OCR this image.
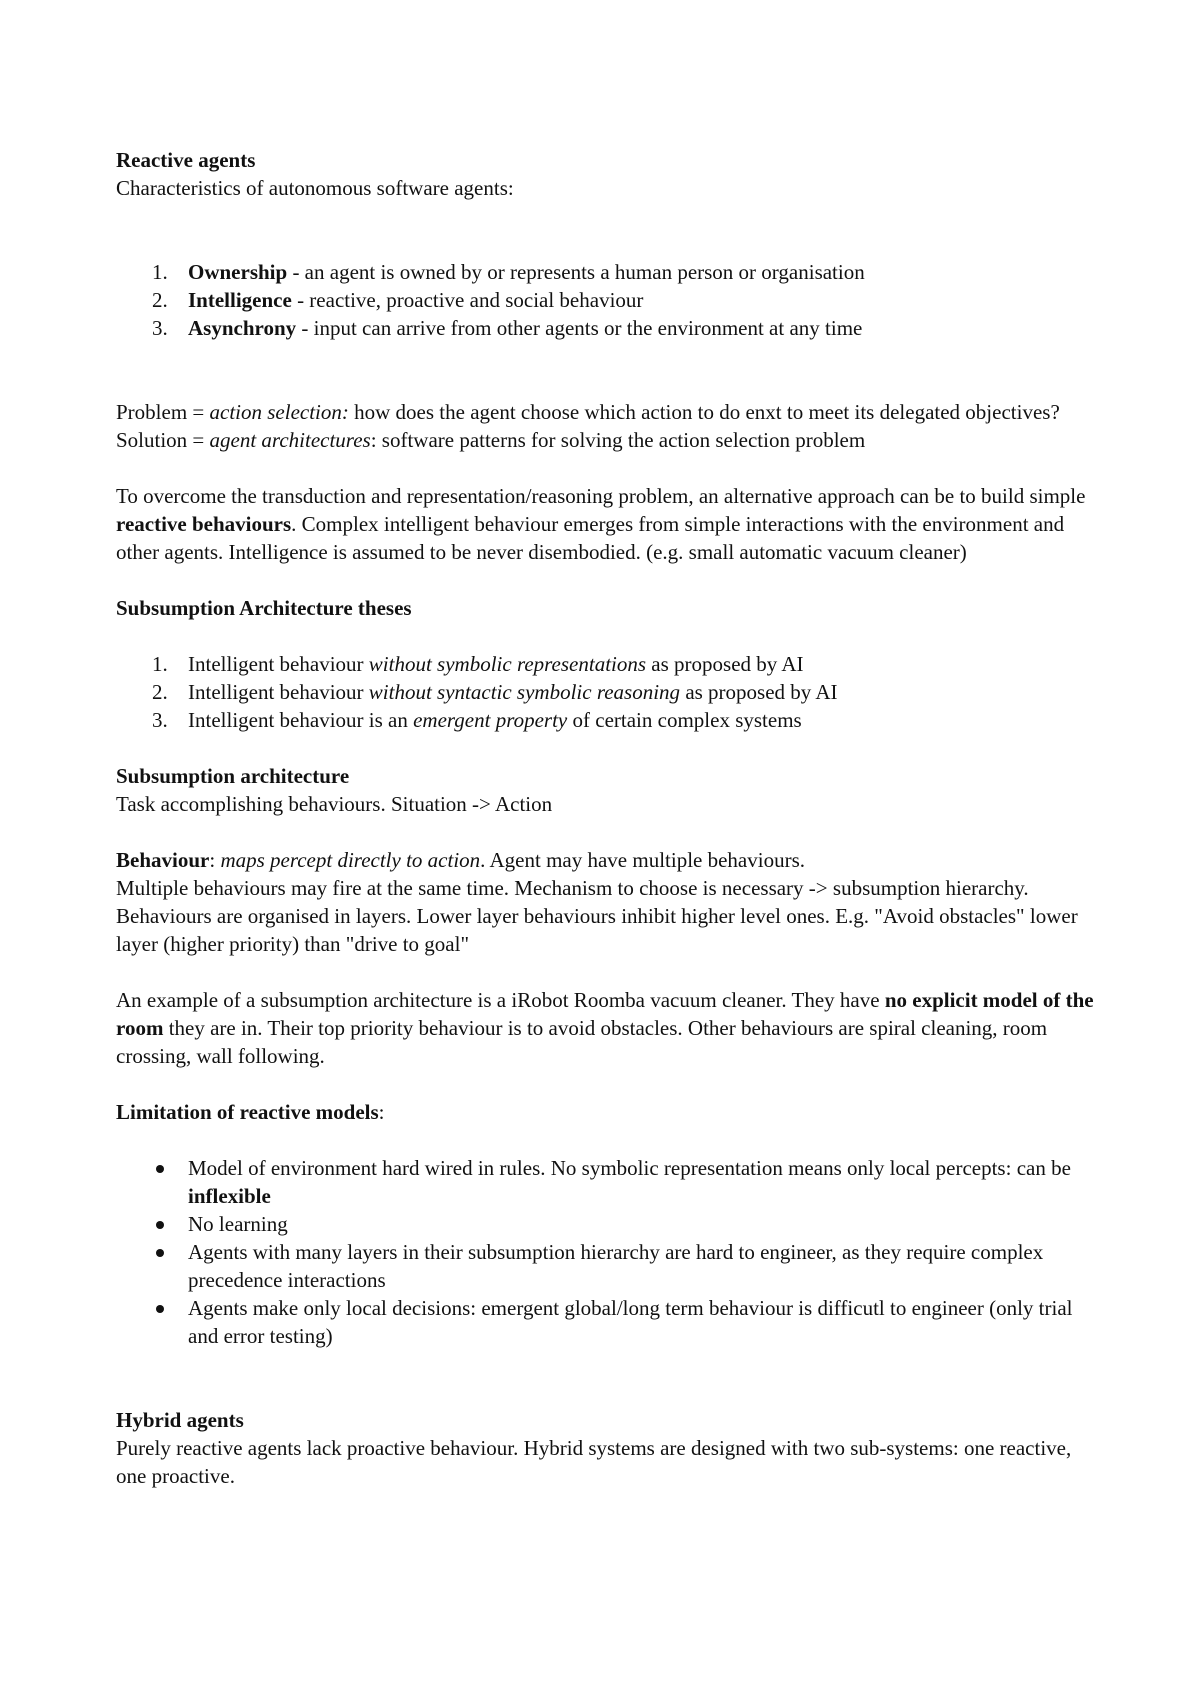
Reactive agents

Characteristics of autonomous software agents:

1. Ownership - an agent is owned by or represents a human person or organisation
2. Intelligence - reactive, proactive and social behaviour
3. Asynchrony - input can arrive from other agents or the environment at any time

Problem = action selection: how does the agent choose which action to do enxt to meet its delegated objectives?

Solution = agent architectures: software patterns for solving the action selection problem

To overcome the transduction and representation/reasoning problem, an alternative approach can be to build simple reactive behaviours. Complex intelligent behaviour emerges from simple interactions with the environment and other agents. Intelligence is assumed to be never disembodied. (e.g. small automatic vacuum cleaner)

Subsumption Architecture theses

1. Intelligent behaviour without symbolic representations as proposed by AI
2. Intelligent behaviour without syntactic symbolic reasoning as proposed by AI
3. Intelligent behaviour is an emergent property of certain complex systems

Subsumption architecture

Task accomplishing behaviours. Situation -> Action

Behaviour: maps percept directly to action. Agent may have multiple behaviours.

Multiple behaviours may fire at the same time. Mechanism to choose is necessary -> subsumption hierarchy. Behaviours are organised in layers. Lower layer behaviours inhibit higher level ones. E.g. "Avoid obstacles" lower layer (higher priority) than "drive to goal"

An example of a subsumption architecture is a iRobot Roomba vacuum cleaner. They have no explicit model of the room they are in. Their top priority behaviour is to avoid obstacles. Other behaviours are spiral cleaning, room crossing, wall following.

Limitation of reactive models:

Model of environment hard wired in rules. No symbolic representation means only local percepts: can be inflexible
No learning
Agents with many layers in their subsumption hierarchy are hard to engineer, as they require complex precedence interactions
Agents make only local decisions: emergent global/long term behaviour is difficutl to engineer (only trial and error testing)

Hybrid agents

Purely reactive agents lack proactive behaviour. Hybrid systems are designed with two sub-systems: one reactive, one proactive.
